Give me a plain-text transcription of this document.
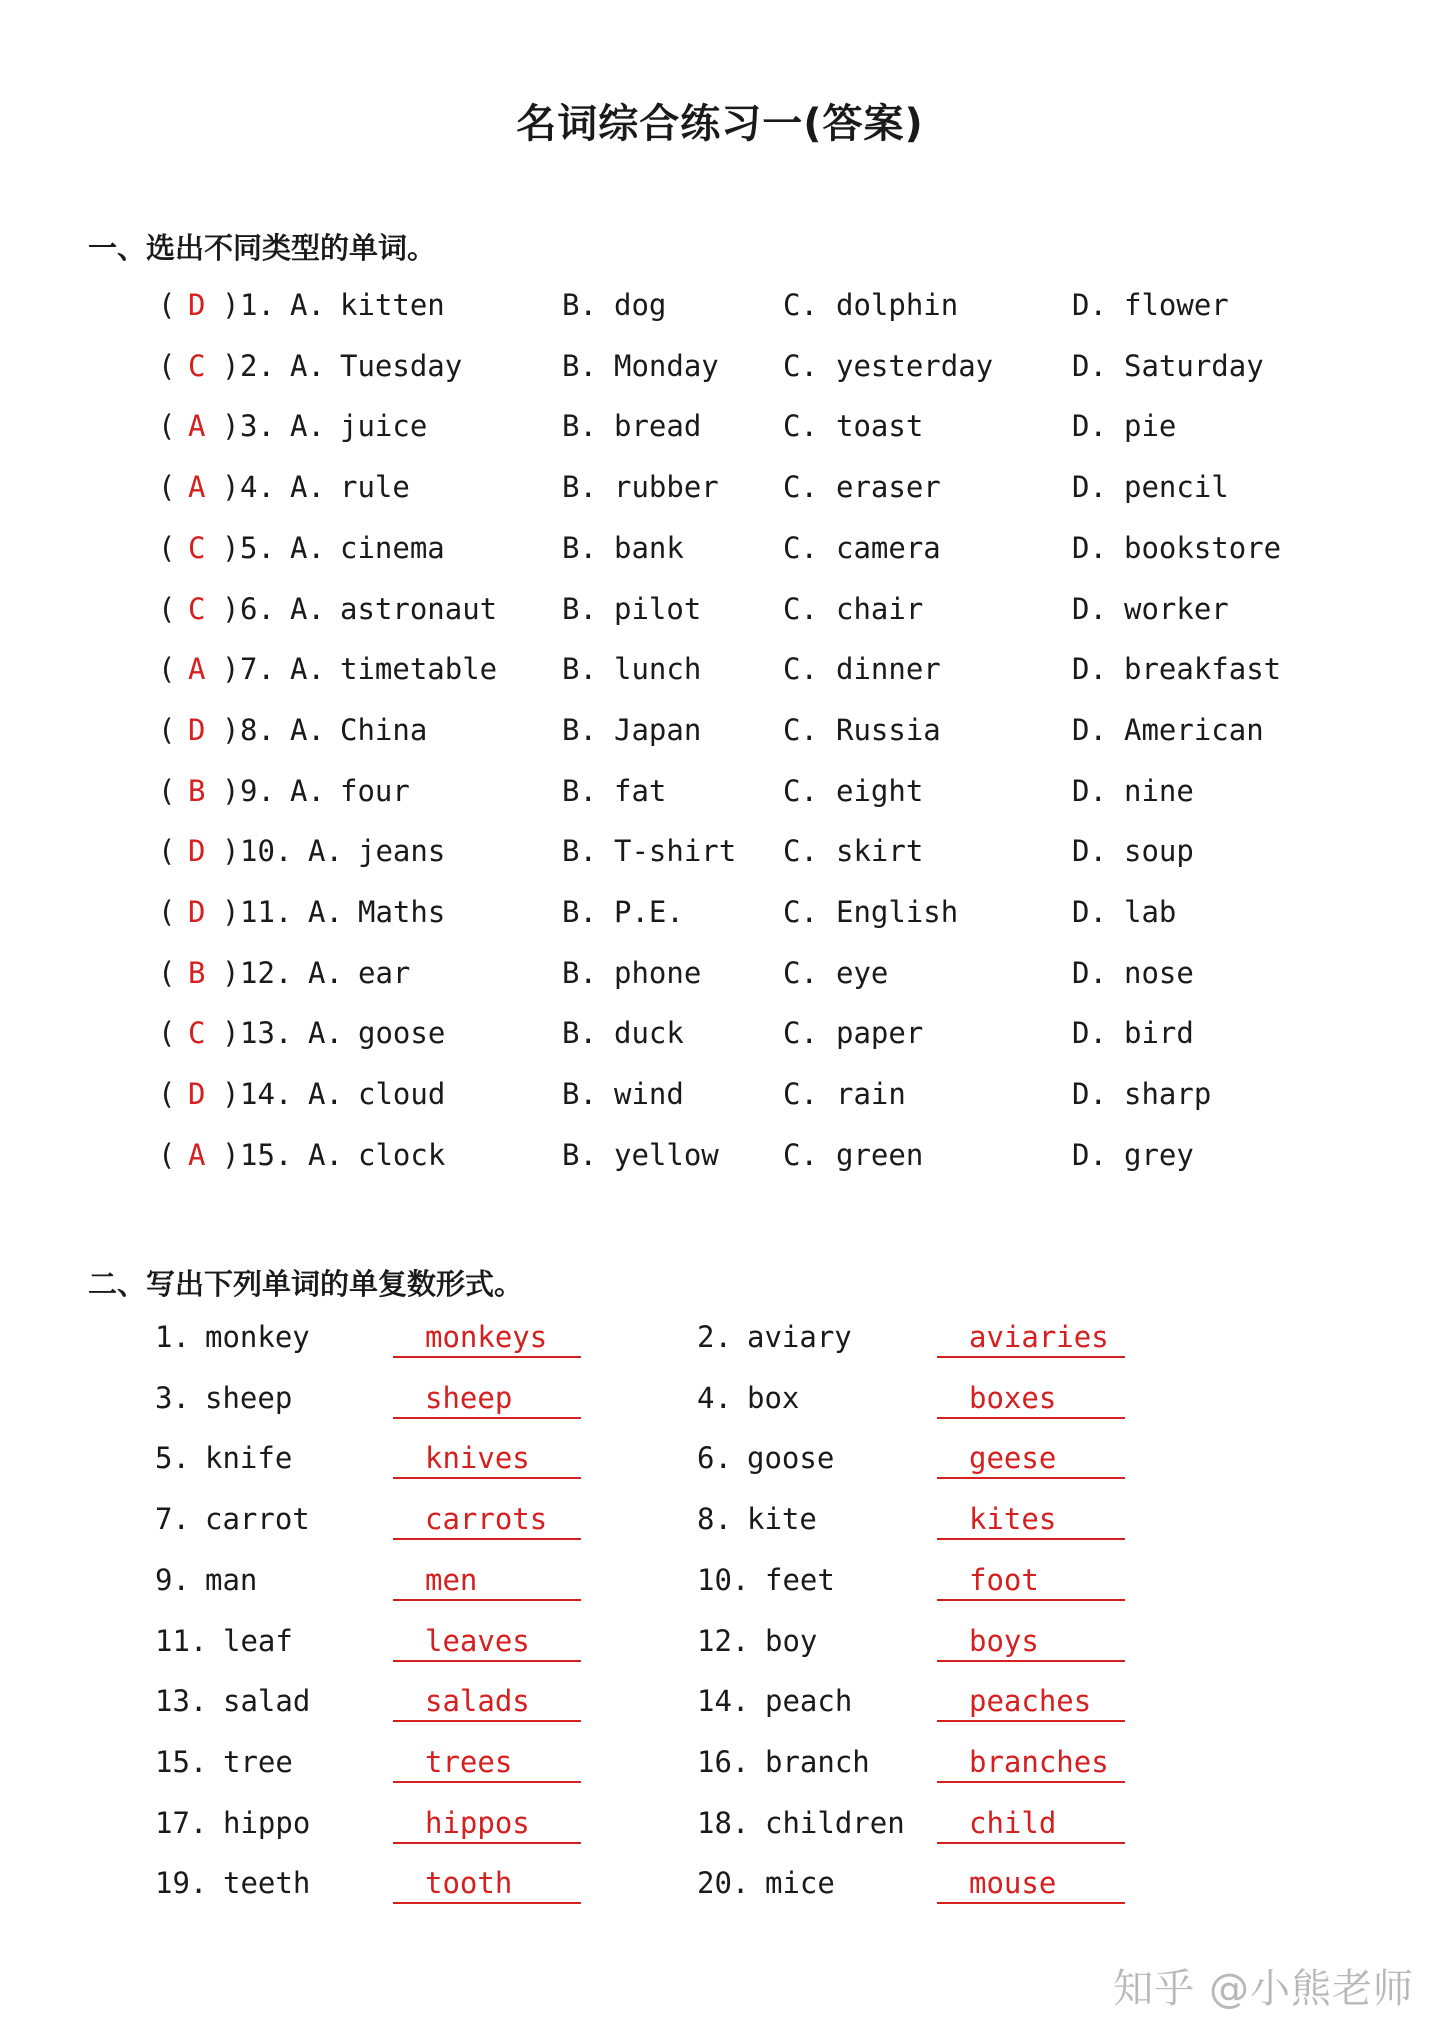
名词综合练习一(答案)
一、选出不同类型的单词。
( D ) 1. A. kitten	B. dog	C. dolphin	D. flower
( C ) 2. A. Tuesday	B. Monday C. yesterday	D. Saturday
( A ) 3. A. juice	B. bread	C. toast	D. pie
( A ) 4. A. rule	B. rubber C. eraser	D. pencil
( C ) 5. A. cinema	B. bank	C. camera	D. bookstore
( C ) 6. A. astronaut B. pilot	C. chair	D. worker
( A ) 7. A. timetable B. lunch	C. dinner	D. breakfast
( D ) 8. A. China	B. Japan	C. Russia	D. American
( B ) 9. A. four	B. fat	C. eight	D. nine
( D ) 10. A. jeans	B. T-shirt C. skirt	D. soup
( D ) 11. A. Maths	B. P.E.	C. English	D. lab
( B ) 12. A. ear	B. phone	C. eye	D. nose
( C ) 13. A. goose	B. duck	C. paper	D. bird
( D ) 14. A. cloud	B. wind	C. rain	D. sharp
( A ) 15. A. clock	B. yellow C. green	D. grey
二、写出下列单词的单复数形式。
1. monkey	monkeys	2. aviary	aviaries
3. sheep	sheep	4. box	boxes
5. knife	knives	6. goose	geese
7. carrot	carrots	8. kite	kites
9. man	men	10. feet	foot
11. leaf	leaves	12. boy	boys
13. salad	salads	14. peach	peaches
15. tree	trees	16. branch	branches
17. hippo	hippos	18. children	child
19. teeth	tooth	20. mice	mouse
知乎 @小熊老师
